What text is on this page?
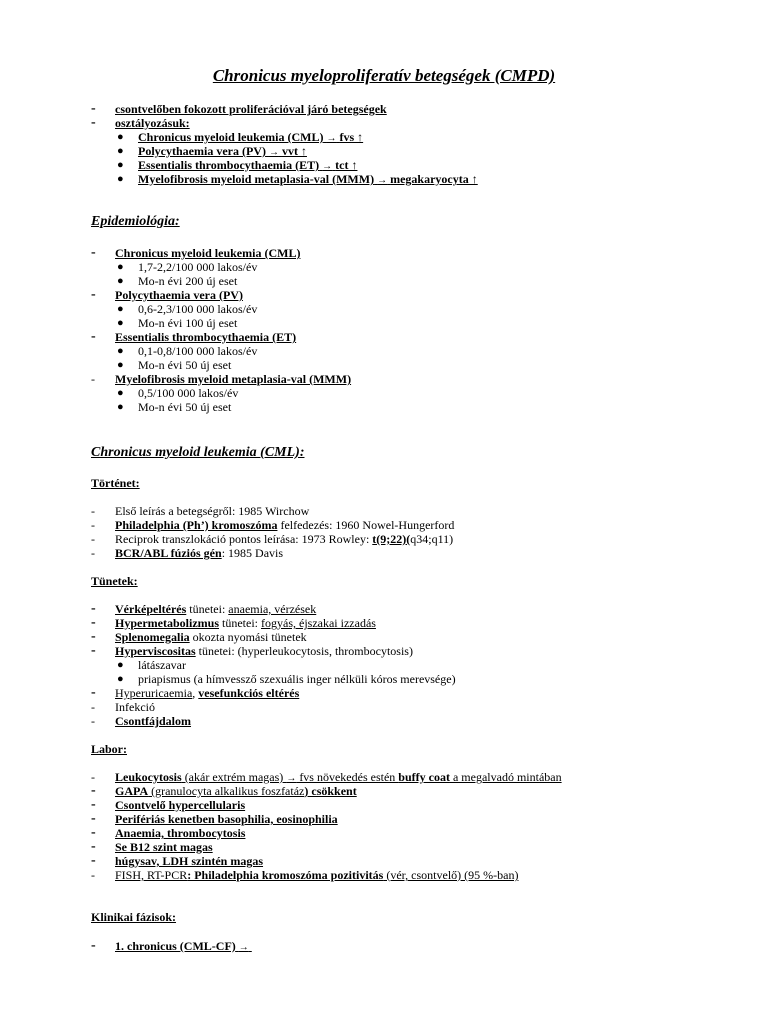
Chronicus myeloproliferatív betegségek (CMPD)
-	csontvelőben fokozott proliferációval járó betegségek
-	osztályozásuk:
● Chronicus myeloid leukemia (CML) → fvs ↑
● Polycythaemia vera (PV) → vvt ↑
● Essentialis thrombocythaemia (ET) → tct ↑
● Myelofibrosis myeloid metaplasia-val (MMM) → megakaryocyta ↑
Epidemiológia:
-	Chronicus myeloid leukemia (CML)
● 1,7-2,2/100 000 lakos/év
● Mo-n évi 200 új eset
-	Polycythaemia vera (PV)
● 0,6-2,3/100 000 lakos/év
● Mo-n évi 100 új eset
-	Essentialis thrombocythaemia (ET)
● 0,1-0,8/100 000 lakos/év
● Mo-n évi 50 új eset
-	Myelofibrosis myeloid metaplasia-val (MMM)
● 0,5/100 000 lakos/év
● Mo-n évi 50 új eset
Chronicus myeloid leukemia (CML):
Történet:
-	Első leírás a betegségről: 1985 Wirchow
-	Philadelphia (Ph’) kromoszóma felfedezés: 1960 Nowel-Hungerford
-	Reciprok transzlokáció pontos leírása: 1973 Rowley: t(9;22)(q34;q11)
-	BCR/ABL fúziós gén: 1985 Davis
Tünetek:
-	Vérképeltérés tünetei: anaemia, vérzések
-	Hypermetabolizmus tünetei: fogyás, éjszakai izzadás
-	Splenomegalia okozta nyomási tünetek
-	Hyperviscositas tünetei: (hyperleukocytosis, thrombocytosis)
● látászavar
● priapismus (a hímvessző szexuális inger nélküli kóros merevsége)
-	Hyperuricaemia, vesefunkciós eltérés
-	Infekció
-	Csontfájdalom
Labor:
-	Leukocytosis (akár extrém magas) → fvs növekedés estén buffy coat a megalvadó mintában
-	GAPA (granulocyta alkalikus foszfatáz) csökkent
-	Csontvelő hypercellularis
-	Perifériás kenetben basophilia, eosinophilia
-	Anaemia, thrombocytosis
-	Se B12 szint magas
-	húgysav, LDH szintén magas
-	FISH, RT-PCR: Philadelphia kromoszóma pozitivitás (vér, csontvelő) (95 %-ban)
Klinikai fázisok:
-	1. chronicus (CML-CF) →
